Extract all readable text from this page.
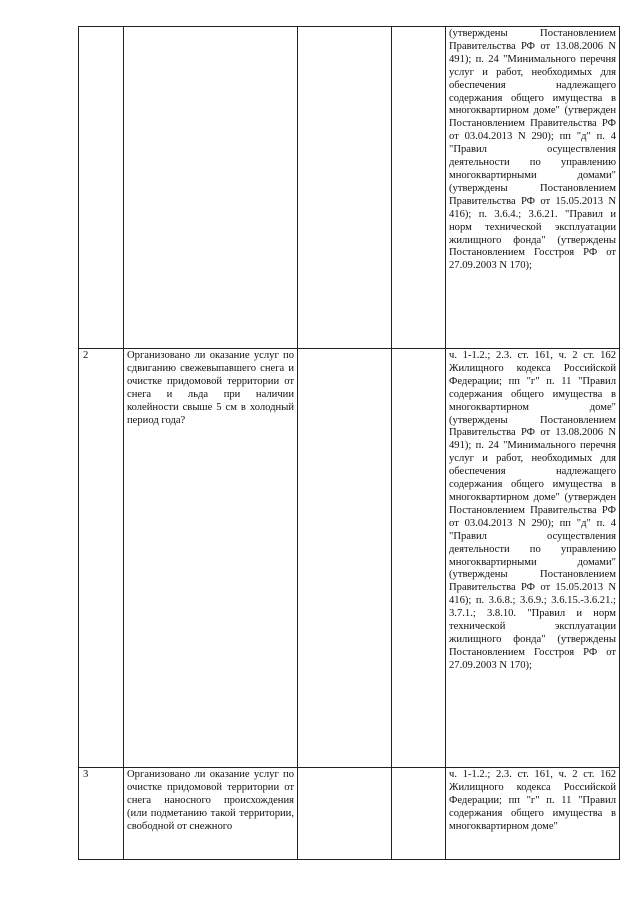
				(утверждены Постановлением Правительства РФ от 13.08.2006 N 491); п. 24 "Минимального перечня услуг и работ, необходимых для обеспечения надлежащего содержания общего имущества в многоквартирном доме" (утвержден Постановлением Правительства РФ от 03.04.2013 N 290); пп "д" п. 4 "Правил осуществления деятельности по управлению многоквартирными домами" (утверждены Постановлением Правительства РФ от 15.05.2013 N 416); п. 3.6.4.; 3.6.21. "Правил и норм технической эксплуатации жилищного фонда" (утверждены Постановлением Госстроя РФ от 27.09.2003 N 170);
2	Организовано ли оказание услуг по сдвиганию свежевыпавшего снега и очистке придомовой территории от снега и льда при наличии колейности свыше 5 см в холодный период года?			ч. 1-1.2.; 2.3. ст. 161, ч. 2 ст. 162 Жилищного кодекса Российской Федерации; пп "г" п. 11 "Правил содержания общего имущества в многоквартирном доме" (утверждены Постановлением Правительства РФ от 13.08.2006 N 491); п. 24 "Минимального перечня услуг и работ, необходимых для обеспечения надлежащего содержания общего имущества в многоквартирном доме" (утвержден Постановлением Правительства РФ от 03.04.2013 N 290); пп "д" п. 4 "Правил осуществления деятельности по управлению многоквартирными домами" (утверждены Постановлением Правительства РФ от 15.05.2013 N 416); п. 3.6.8.; 3.6.9.; 3.6.15.-3.6.21.; 3.7.1.; 3.8.10. "Правил и норм технической эксплуатации жилищного фонда" (утверждены Постановлением Госстроя РФ от 27.09.2003 N 170);
3	Организовано ли оказание услуг по очистке придомовой территории от снега наносного происхождения (или подметанию такой территории, свободной от снежного			ч. 1-1.2.; 2.3. ст. 161, ч. 2 ст. 162 Жилищного кодекса Российской Федерации; пп "г" п. 11 "Правил содержания общего имущества в многоквартирном доме"
